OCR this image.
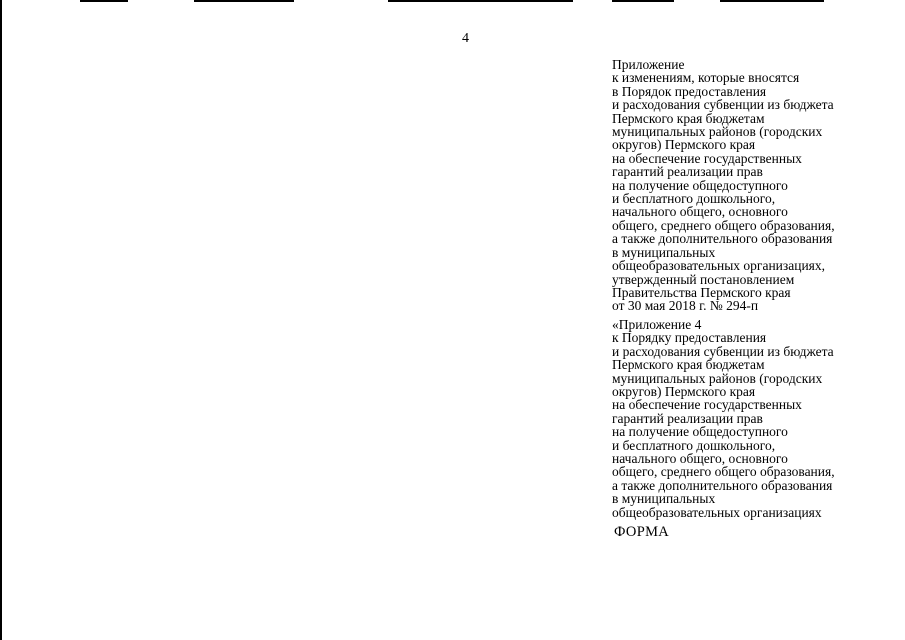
4
Приложение
к изменениям, которые вносятся
в Порядок предоставления
и расходования субвенции из бюджета
Пермского края бюджетам
муниципальных районов (городских
округов) Пермского края
на обеспечение государственных
гарантий реализации прав
на получение общедоступного
и бесплатного дошкольного,
начального общего, основного
общего, среднего общего образования,
а также дополнительного образования
в муниципальных
общеобразовательных организациях,
утвержденный постановлением
Правительства Пермского края
от 30 мая 2018 г. № 294-п
«Приложение 4
к Порядку предоставления
и расходования субвенции из бюджета
Пермского края бюджетам
муниципальных районов (городских
округов) Пермского края
на обеспечение государственных
гарантий реализации прав
на получение общедоступного
и бесплатного дошкольного,
начального общего, основного
общего, среднего общего образования,
а также дополнительного образования
в муниципальных
общеобразовательных организациях
ФОРМА
